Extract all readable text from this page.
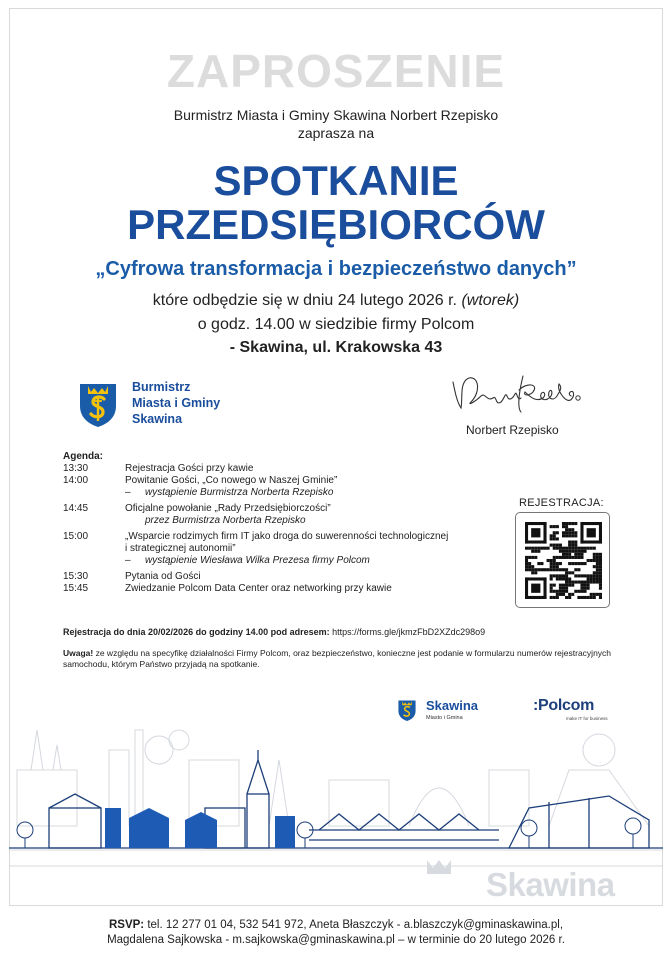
ZAPROSZENIE
Burmistrz Miasta i Gminy Skawina Norbert Rzepisko
zaprasza na
SPOTKANIE
PRZEDSIĘBIORCÓW
„Cyfrowa transformacja i bezpieczeństwo danych”
które odbędzie się w dniu 24 lutego 2026 r. (wtorek)
o godz. 14.00 w siedzibie firmy Polcom
- Skawina, ul. Krakowska 43
Burmistrz
Miasta i Gminy
Skawina
Norbert Rzepisko
Agenda:
13:30	Rejestracja Gości przy kawie
14:00	Powitanie Gości, „Co nowego w Naszej Gminie”
– wystąpienie Burmistrza Norberta Rzepisko
14:45	Oficjalne powołanie „Rady Przedsiębiorczości”
przez Burmistrza Norberta Rzepisko
15:00	„Wsparcie rodzimych firm IT jako droga do suwerenności technologicznej
i strategicznej autonomii”
– wystąpienie Wiesława Wilka Prezesa firmy Polcom
15:30	Pytania od Gości
15:45	Zwiedzanie Polcom Data Center oraz networking przy kawie
REJESTRACJA:
Rejestracja do dnia 20/02/2026 do godziny 14.00 pod adresem: https://forms.gle/jkmzFbD2XZdc298o9
Uwaga! ze względu na specyfikę działalności Firmy Polcom, oraz bezpieczeństwo, konieczne jest podanie w formularzu numerów rejestracyjnych samochodu, którym Państwo przyjadą na spotkanie.
Skawina
Miasto i Gmina
:Polcom
make IT for business
Skawina
RSVP: tel. 12 277 01 04, 532 541 972, Aneta Błaszczyk - a.blaszczyk@gminaskawina.pl,
Magdalena Sajkowska - m.sajkowska@gminaskawina.pl – w terminie do 20 lutego 2026 r.
